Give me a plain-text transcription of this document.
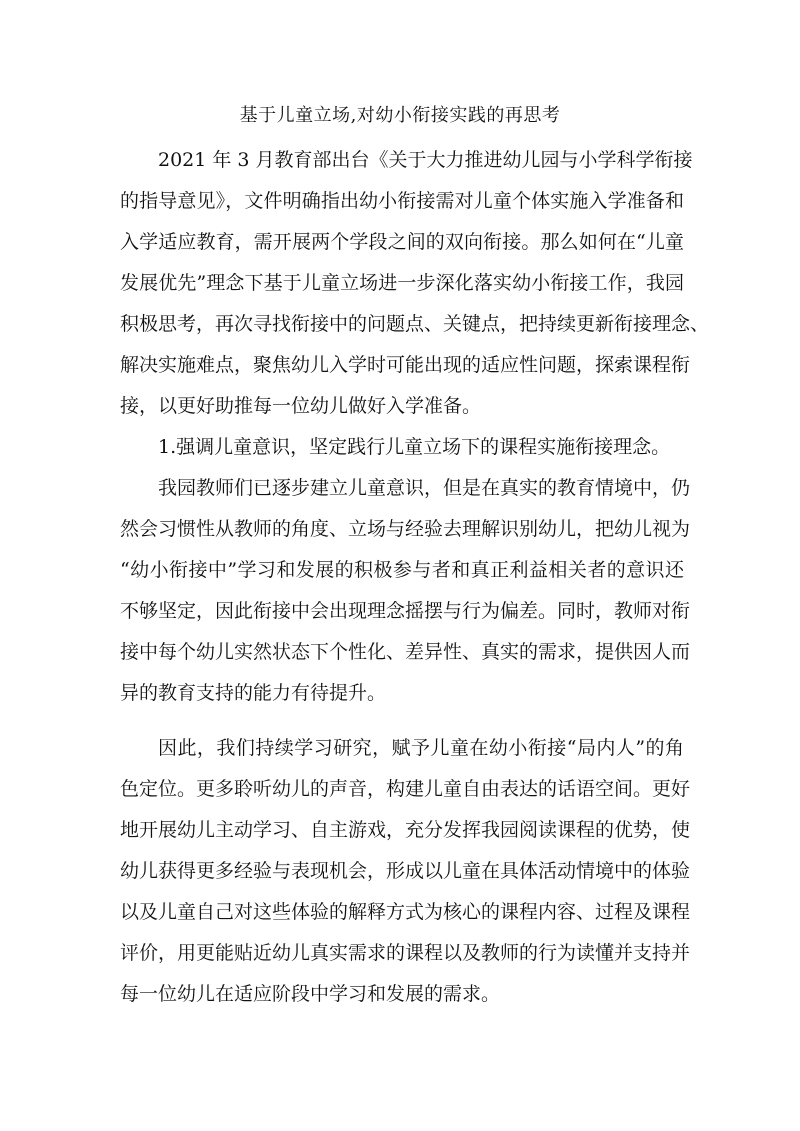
基于儿童立场,对幼小衔接实践的再思考
2021 年 3 月教育部出台《关于大力推进幼儿园与小学科学衔接
的指导意见》，文件明确指出幼小衔接需对儿童个体实施入学准备和
入学适应教育，需开展两个学段之间的双向衔接。那么如何在“儿童
发展优先”理念下基于儿童立场进一步深化落实幼小衔接工作，我园
积极思考，再次寻找衔接中的问题点、关键点，把持续更新衔接理念、
解决实施难点，聚焦幼儿入学时可能出现的适应性问题，探索课程衔
接，以更好助推每一位幼儿做好入学准备。
1.强调儿童意识，坚定践行儿童立场下的课程实施衔接理念。
我园教师们已逐步建立儿童意识，但是在真实的教育情境中，仍
然会习惯性从教师的角度、立场与经验去理解识别幼儿，把幼儿视为
“幼小衔接中”学习和发展的积极参与者和真正利益相关者的意识还
不够坚定，因此衔接中会出现理念摇摆与行为偏差。同时，教师对衔
接中每个幼儿实然状态下个性化、差异性、真实的需求，提供因人而
异的教育支持的能力有待提升。
因此，我们持续学习研究，赋予儿童在幼小衔接“局内人”的角
色定位。更多聆听幼儿的声音，构建儿童自由表达的话语空间。更好
地开展幼儿主动学习、自主游戏，充分发挥我园阅读课程的优势，使
幼儿获得更多经验与表现机会，形成以儿童在具体活动情境中的体验
以及儿童自己对这些体验的解释方式为核心的课程内容、过程及课程
评价，用更能贴近幼儿真实需求的课程以及教师的行为读懂并支持并
每一位幼儿在适应阶段中学习和发展的需求。
